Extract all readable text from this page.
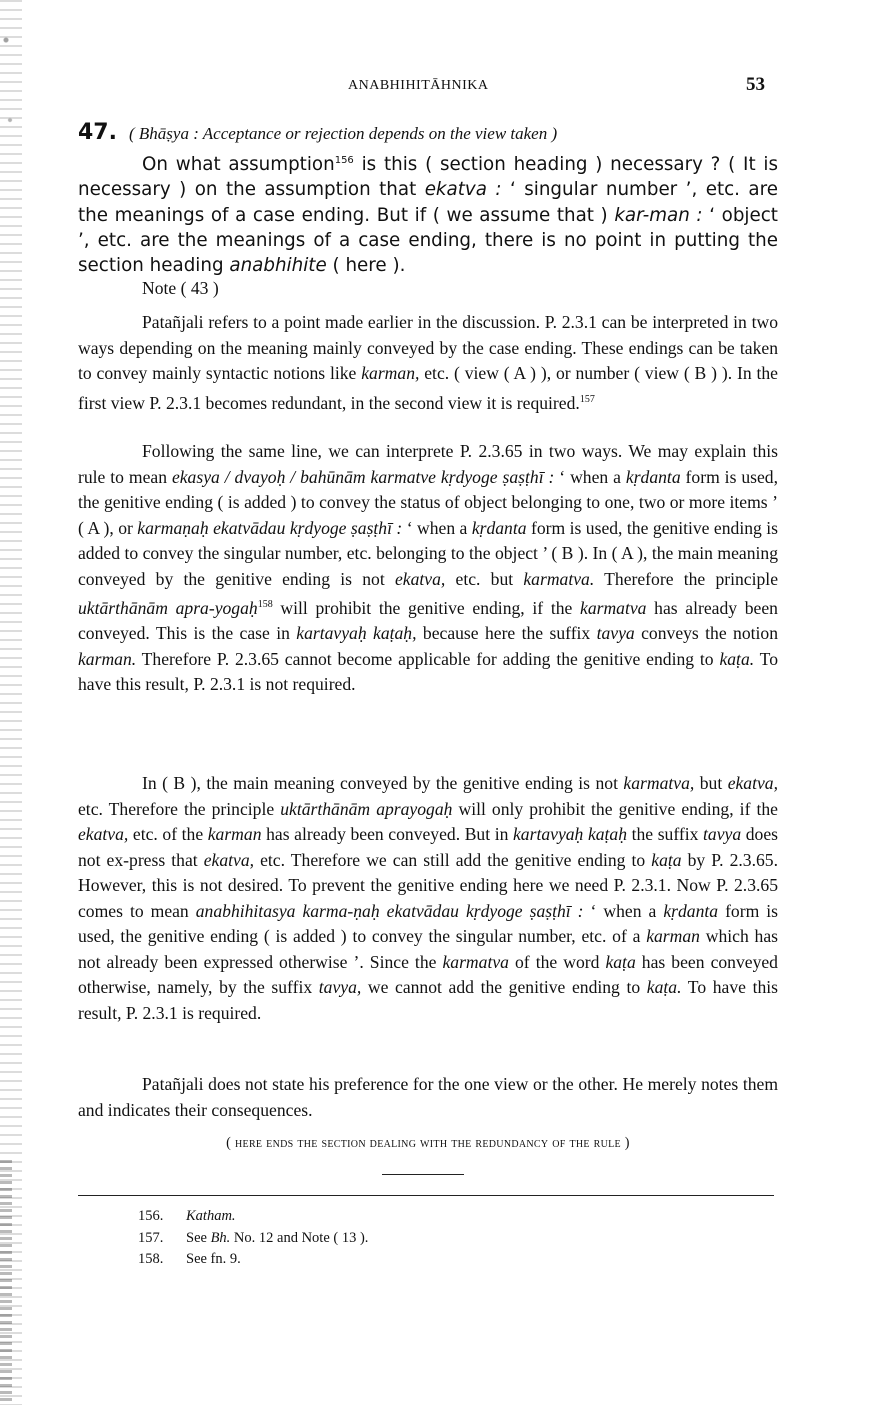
ANABHIHITĀHNIKA	53
47. ( Bhāṣya : Acceptance or rejection depends on the view taken )
On what assumption$^{156}$ is this ( section heading ) necessary ? ( It is necessary ) on the assumption that ekatva : ‘ singular number ’, etc. are the meanings of a case ending. But if ( we assume that ) kar-man : ‘ object ’, etc. are the meanings of a case ending, there is no point in putting the section heading anabhihite ( here ).
Note ( 43 )
Patañjali refers to a point made earlier in the discussion. P. 2.3.1 can be interpreted in two ways depending on the meaning mainly conveyed by the case ending. These endings can be taken to convey mainly syntactic notions like karman, etc. ( view ( A ) ), or number ( view ( B ) ). In the first view P. 2.3.1 becomes redundant, in the second view it is required.$^{157}$
Following the same line, we can interprete P. 2.3.65 in two ways. We may explain this rule to mean ekasya / dvayoḥ / bahūnām karmatve kṛdyoge ṣaṣṭhī : ‘ when a kṛdanta form is used, the genitive ending ( is added ) to convey the status of object belonging to one, two or more items ’ ( A ), or karmaṇaḥ ekatvādau kṛdyoge ṣaṣṭhī : ‘ when a kṛdanta form is used, the genitive ending is added to convey the singular number, etc. belonging to the object ’ ( B ). In ( A ), the main meaning conveyed by the genitive ending is not ekatva, etc. but karmatva. Therefore the principle uktārthānām apra-yogaḥ$^{158}$ will prohibit the genitive ending, if the karmatva has already been conveyed. This is the case in kartavyaḥ kaṭaḥ, because here the suffix tavya conveys the notion karman. Therefore P. 2.3.65 cannot become applicable for adding the genitive ending to kaṭa. To have this result, P. 2.3.1 is not required.
In ( B ), the main meaning conveyed by the genitive ending is not karmatva, but ekatva, etc. Therefore the principle uktārthānām aprayogaḥ will only prohibit the genitive ending, if the ekatva, etc. of the karman has already been conveyed. But in kartavyaḥ kaṭaḥ the suffix tavya does not ex-press that ekatva, etc. Therefore we can still add the genitive ending to kaṭa by P. 2.3.65. However, this is not desired. To prevent the genitive ending here we need P. 2.3.1. Now P. 2.3.65 comes to mean anabhihitasya karma-ṇaḥ ekatvādau kṛdyoge ṣaṣṭhī : ‘ when a kṛdanta form is used, the genitive ending ( is added ) to convey the singular number, etc. of a karman which has not already been expressed otherwise ’. Since the karmatva of the word kaṭa has been conveyed otherwise, namely, by the suffix tavya, we cannot add the genitive ending to kaṭa. To have this result, P. 2.3.1 is required.
Patañjali does not state his preference for the one view or the other. He merely notes them and indicates their consequences.
( here ends the section dealing with the redundancy of the rule )
156. Katham.
157. See Bh. No. 12 and Note ( 13 ).
158. See fn. 9.
